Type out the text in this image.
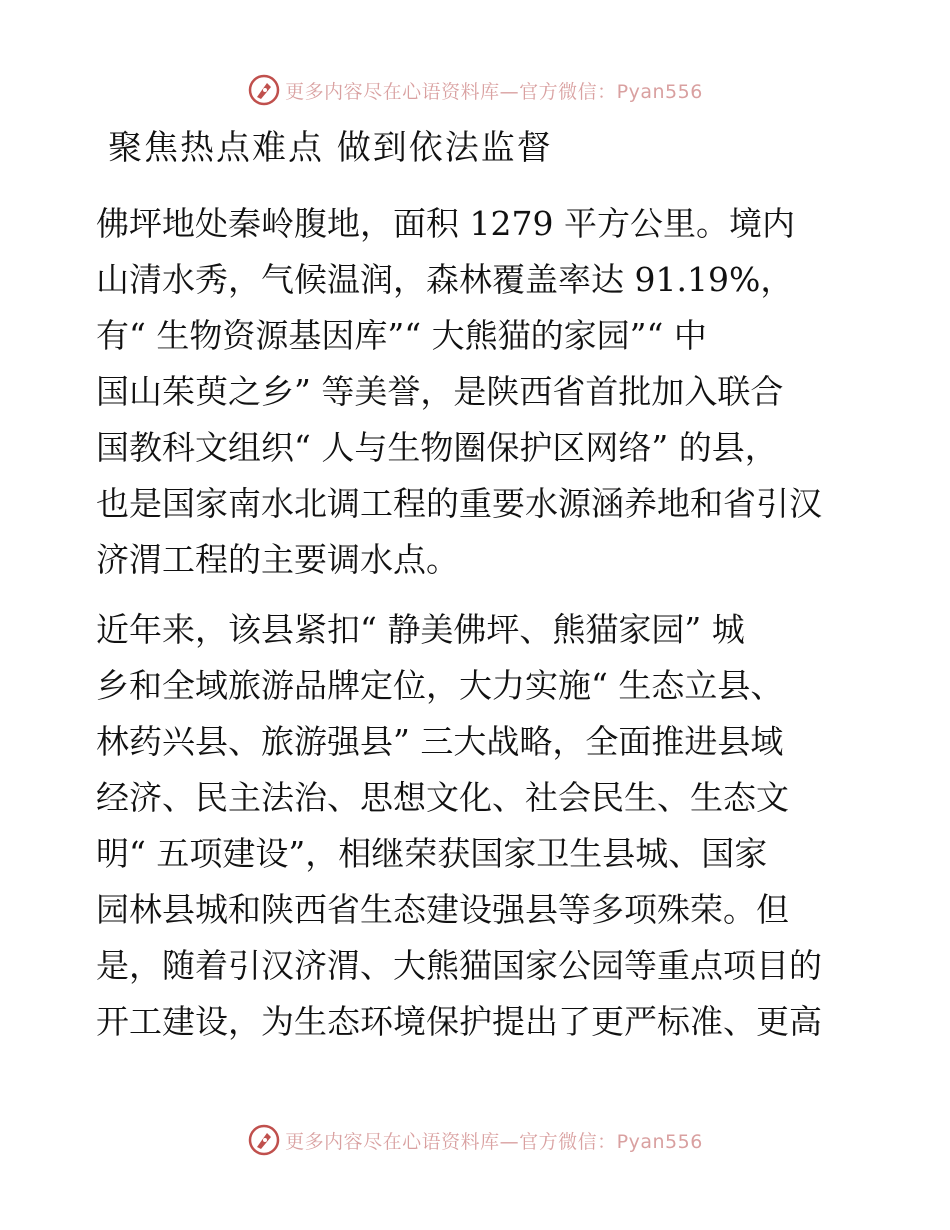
更多内容尽在心语资料库—官方微信：Pyan556
聚焦热点难点 做到依法监督
佛坪地处秦岭腹地，面积 1279 平方公里。境内
山清水秀，气候温润，森林覆盖率达 91.19%，
有“ 生物资源基因库”“ 大熊猫的家园”“ 中
国山茱萸之乡” 等美誉，是陕西省首批加入联合
国教科文组织“ 人与生物圈保护区网络” 的县，
也是国家南水北调工程的重要水源涵养地和省引汉
济渭工程的主要调水点。
近年来，该县紧扣“ 静美佛坪、熊猫家园” 城
乡和全域旅游品牌定位，大力实施“ 生态立县、
林药兴县、旅游强县” 三大战略，全面推进县域
经济、民主法治、思想文化、社会民生、生态文
明“ 五项建设”，相继荣获国家卫生县城、国家
园林县城和陕西省生态建设强县等多项殊荣。但
是，随着引汉济渭、大熊猫国家公园等重点项目的
开工建设，为生态环境保护提出了更严标准、更高
更多内容尽在心语资料库—官方微信：Pyan556
